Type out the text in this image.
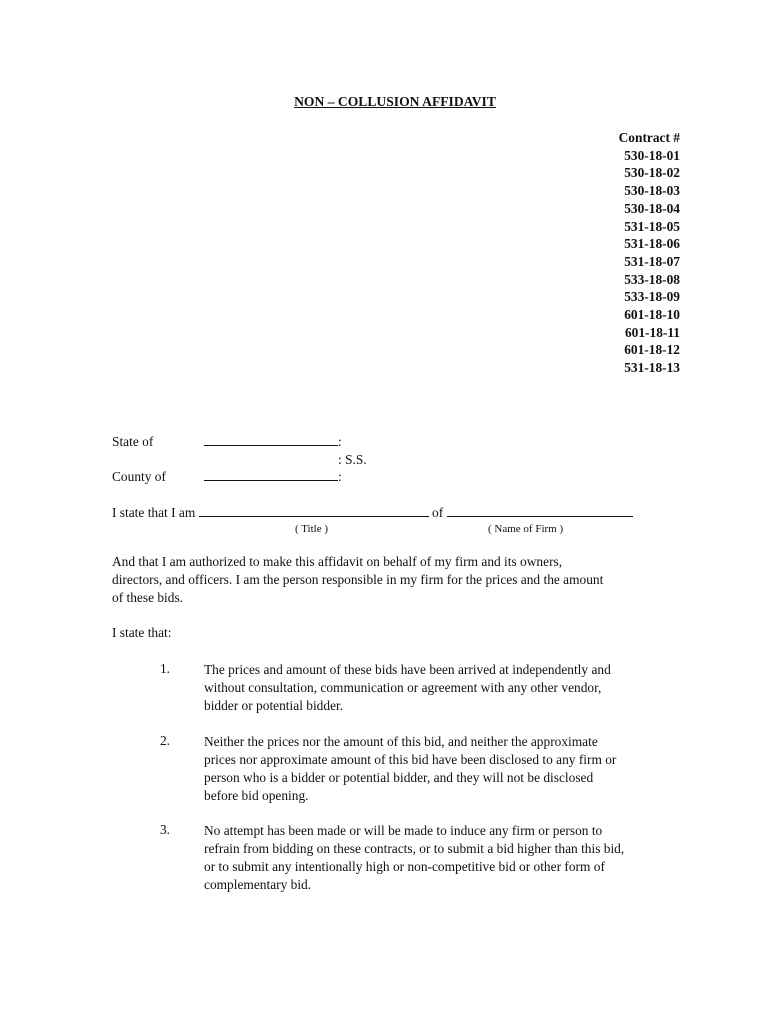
NON – COLLUSION AFFIDAVIT
Contract #
530-18-01
530-18-02
530-18-03
530-18-04
531-18-05
531-18-06
531-18-07
533-18-08
533-18-09
601-18-10
601-18-11
601-18-12
531-18-13
State of	:
: S.S.
County of	:
I state that I am	of
( Title )	( Name of Firm )
And that I am authorized to make this affidavit on behalf of my firm and its owners,
directors, and officers. I am the person responsible in my firm for the prices and the amount
of these bids.
I state that:
1.	The prices and amount of these bids have been arrived at independently and
without consultation, communication or agreement with any other vendor,
bidder or potential bidder.
2.	Neither the prices nor the amount of this bid, and neither the approximate
prices nor approximate amount of this bid have been disclosed to any firm or
person who is a bidder or potential bidder, and they will not be disclosed
before bid opening.
3.	No attempt has been made or will be made to induce any firm or person to
refrain from bidding on these contracts, or to submit a bid higher than this bid,
or to submit any intentionally high or non-competitive bid or other form of
complementary bid.
